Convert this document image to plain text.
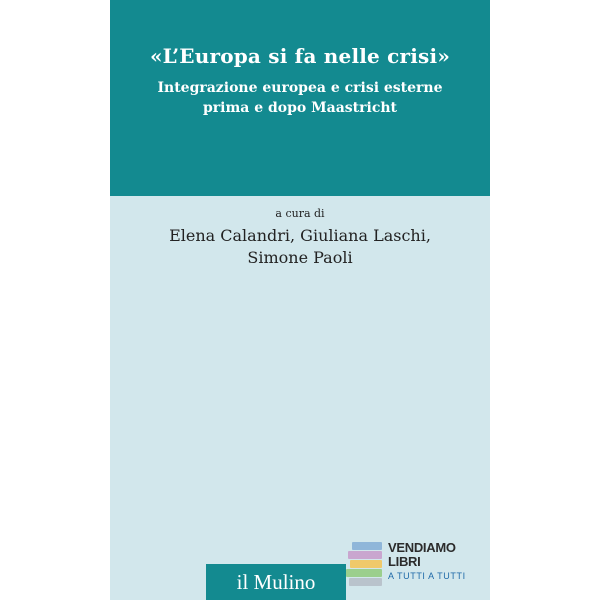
«L’Europa si fa nelle crisi»
Integrazione europea e crisi esterne
prima e dopo Maastricht
a cura di
Elena Calandri, Giuliana Laschi,
Simone Paoli
il Mulino
VENDIAMO
LIBRI
A TUTTI A TUTTI
